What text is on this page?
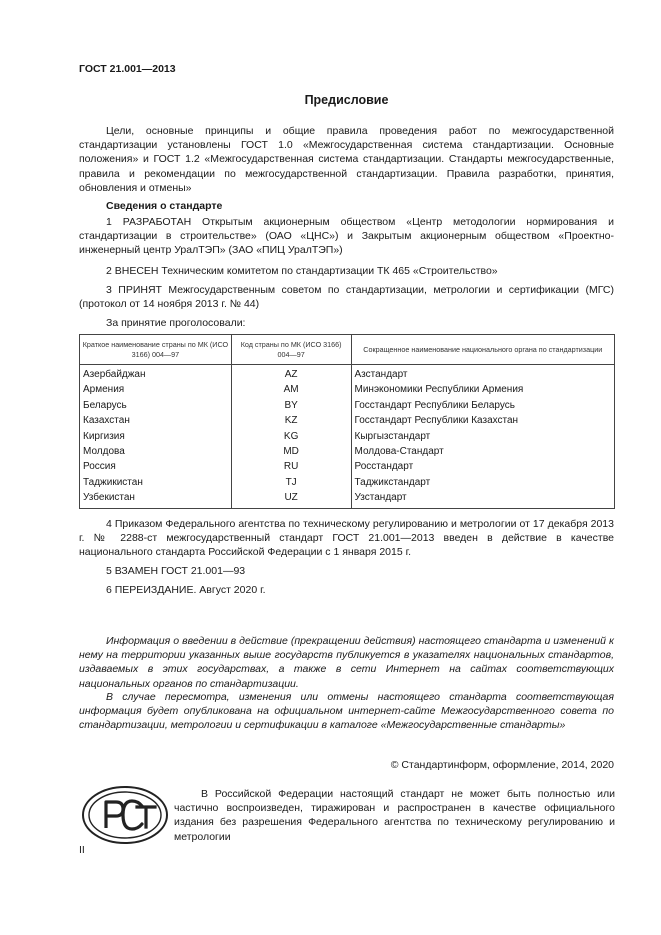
ГОСТ 21.001—2013
Предисловие

Цели, основные принципы и общие правила проведения работ по межгосударственной стандартизации установлены ГОСТ 1.0 «Межгосударственная система стандартизации. Основные положения» и ГОСТ 1.2 «Межгосударственная система стандартизации. Стандарты межгосударственные, правила и рекомендации по межгосударственной стандартизации. Правила разработки, принятия, обновления и отмены»

Сведения о стандарте

1 РАЗРАБОТАН Открытым акционерным обществом «Центр методологии нормирования и стандартизации в строительстве» (ОАО «ЦНС») и Закрытым акционерным обществом «Проектно-инженерный центр УралТЭП» (ЗАО «ПИЦ УралТЭП»)

2 ВНЕСЕН Техническим комитетом по стандартизации ТК 465 «Строительство»

3 ПРИНЯТ Межгосударственным советом по стандартизации, метрологии и сертификации (МГС) (протокол от 14 ноября 2013 г. № 44)

За принятие проголосовали:

Краткое наименование страны по МК (ИСО 3166) 004—97	Код страны по МК (ИСО 3166) 004—97	Сокращенное наименование национального органа по стандартизации
Азербайджан	AZ	Азстандарт
Армения	AM	Минэкономики Республики Армения
Беларусь	BY	Госстандарт Республики Беларусь
Казахстан	KZ	Госстандарт Республики Казахстан
Киргизия	KG	Кыргызстандарт
Молдова	MD	Молдова-Стандарт
Россия	RU	Росстандарт
Таджикистан	TJ	Таджикстандарт
Узбекистан	UZ	Узстандарт

4 Приказом Федерального агентства по техническому регулированию и метрологии от 17 декабря 2013 г. № 2288-ст межгосударственный стандарт ГОСТ 21.001—2013 введен в действие в качестве национального стандарта Российской Федерации с 1 января 2015 г.

5 ВЗАМЕН ГОСТ 21.001—93

6 ПЕРЕИЗДАНИЕ. Август 2020 г.

Информация о введении в действие (прекращении действия) настоящего стандарта и изменений к нему на территории указанных выше государств публикуется в указателях национальных стандартов, издаваемых в этих государствах, а также в сети Интернет на сайтах соответствующих национальных органов по стандартизации.

В случае пересмотра, изменения или отмены настоящего стандарта соответствующая информация будет опубликована на официальном интернет-сайте Межгосударственного совета по стандартизации, метрологии и сертификации в каталоге «Межгосударственные стандарты»

© Стандартинформ, оформление, 2014, 2020

В Российской Федерации настоящий стандарт не может быть полностью или частично воспроизведен, тиражирован и распространен в качестве официального издания без разрешения Федерального агентства по техническому регулированию и метрологии

II
